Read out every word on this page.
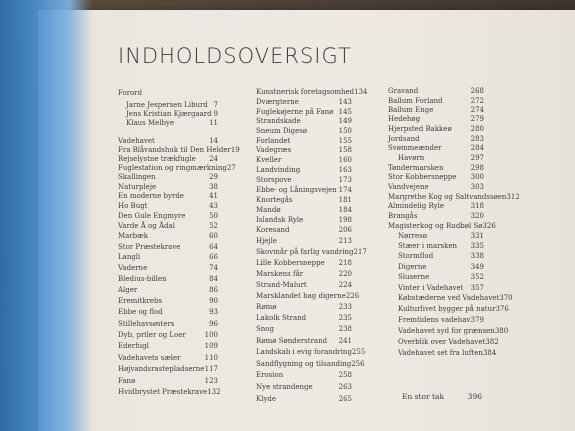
INDHOLDSOVERSIGT
Forord
Jarne Jespersen Liburd 7
Jens Kristian Kjærgaard 9
Klaus Melbye	11
Vadehavet	14
Fra Blåvandshuk til Den Helder 19
Rejselystne trækfugle 24
Fuglestation og ringmærkning 27
Skallingen	29
Naturpleje	38
En moderne byrde	41
Ho Bugt	43
Den Gule Engmyre	50
Varde Å og Ådal	52
Marbæk	60
Stor Præstekrave	64
Langli	66
Vaderne	74
Bledius-billen	84
Alger	86
Eremitkrebs	90
Ebbe og flod	93
Stillehavsøsters	96
Dyb, priler og Loer	100
Ederfugl	109
Vadehavets sæler	110
Højvandsrastepladserne 117
Fanø	123
Hvidbrystet Præstekrave 132
Kunstnerisk foretagsomhed 134
Dværgterne	143
Fuglekøjerne på Fanø 145
Strandskade	149
Sneum Digesø	150
Forlandet	155
Vadegræs	158
Kveller	160
Landvinding	163
Storspove	173
Ebbe- og Låningsvejen 174
Knortegås	181
Mandø	184
Islandsk Ryle	198
Koresand	206
Hjejle	213
Skovmår på farlig vandring 217
Lille Kobbersneppe 218
Marskens får	220
Strand-Malurt	224
Marsklandet bag digerne 226
Rømø	233
Lakolk Strand	235
Snog	238
Rømø Sønderstrand 241
Landskab i evig forandring 255
Sandflygning og tilsanding 256
Erosion	258
Nye strandenge	263
Klyde	265
Gravand	268
Ballum Forland	272
Ballum Enge	274
Hedehøg	279
Hjerpsted Bakkeø	280
Jordsand	283
Svømmeænder	284
Havørn	297
Tøndermarsken	298
Stor Kobbersneppe 300
Vandvejene	303
Margrethe Kog og Saltvandssøen 312
Almindelig Ryle	318
Brangås	320
Magisterkog og Rudbøl Sø 326
Nørresø	331
Stæer i marsken 335
Stormflod	338
Digerne	349
Sluserne	352
Vinter i Vadehavet 357
Købstæderne ved Vadehavet 370
Kulturlivet bygger på natur 376
Fremtidens vadehav 379
Vadehavet syd for grænsen 380
Overblik over Vadehavet 382
Vadehavet set fra luften 384
En stor tak	396
